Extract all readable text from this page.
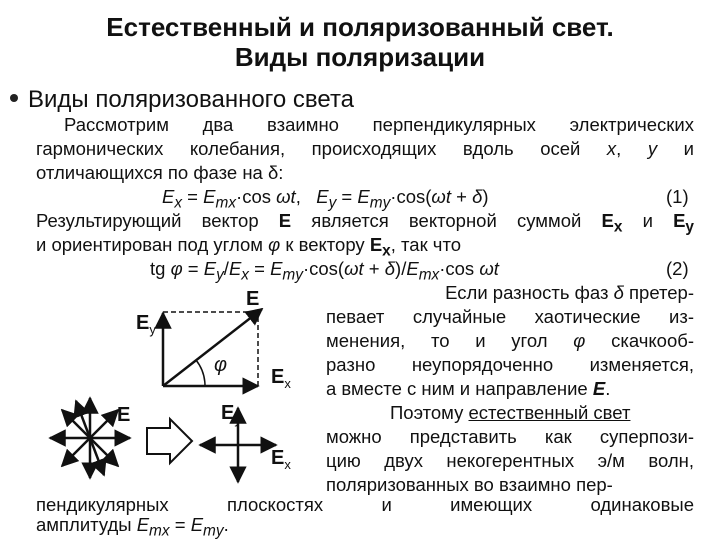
Естественный и поляризованный свет.
Виды поляризации
Виды поляризованного света
Рассмотрим два взаимно перпендикулярных электрических
гармонических колебания, происходящих вдоль осей x, y и
отличающихся по фазе на δ:
$E_x = E_{mx}\cdot\cos$ ωt,   $E_y = E_{my}\cdot\cos(\omega t + \delta)$	(1)
Результирующий вектор E является векторной суммой $E_x$ и $E_y$
и ориентирован под углом φ к вектору $E_x$, так что
tg $\varphi = E_y/E_x = E_{my}\cdot\cos(\omega t + \delta)/E_{mx}\cdot\cos$ ωt	(2)
Если разность фаз δ претер-
певает случайные хаотические из-
менения, то и угол φ скачкооб-
разно неупорядоченно изменяется,
а вместе с ним и направление E.
Поэтому естественный свет
можно представить как суперпози-
цию двух некогерентных э/м волн,
поляризованных во взаимно пер-
пендикулярных плоскостях и имеющих одинаковые
амплитуды $E_{mx} = E_{my}$.
E
$E_y$
$E_x$
φ
E	$E_y$
$E_x$
